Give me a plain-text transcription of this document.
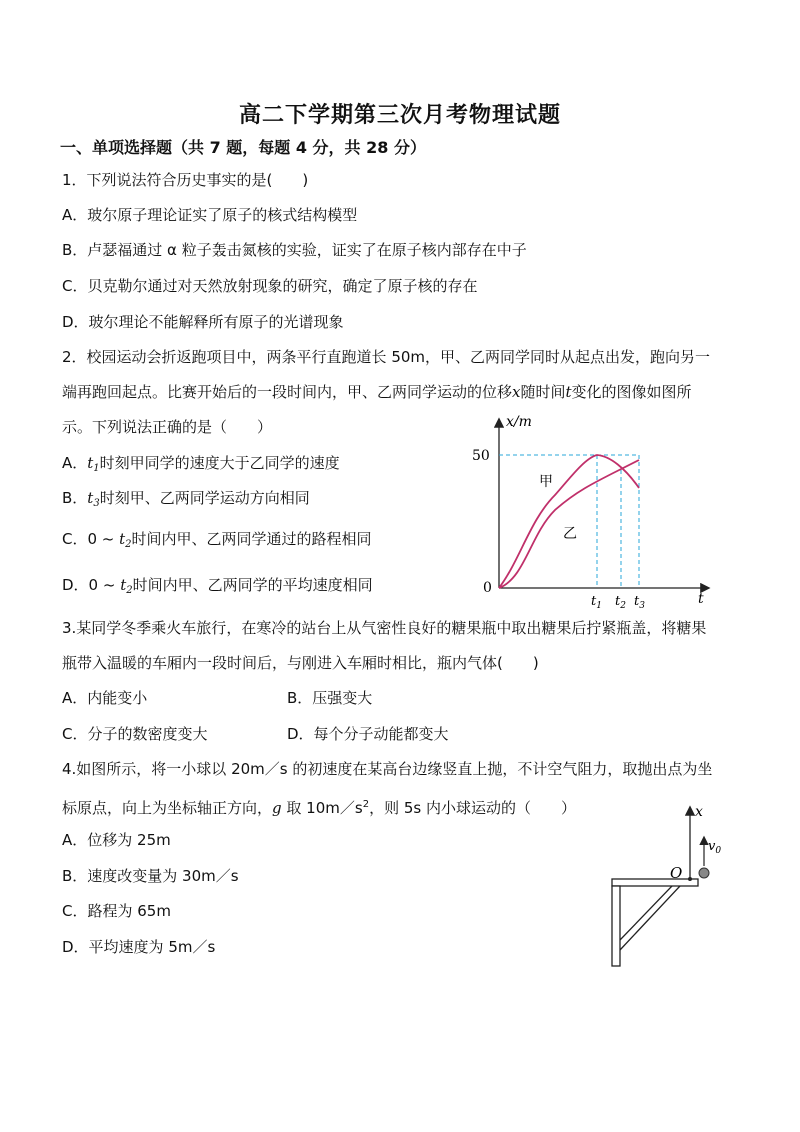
高二下学期第三次月考物理试题
一、单项选择题（共 7 题，每题 4 分，共 28 分）
1．下列说法符合历史事实的是(　　)
A．玻尔原子理论证实了原子的核式结构模型
B．卢瑟福通过 α 粒子轰击氮核的实验，证实了在原子核内部存在中子
C．贝克勒尔通过对天然放射现象的研究，确定了原子核的存在
D．玻尔理论不能解释所有原子的光谱现象
2．校园运动会折返跑项目中，两条平行直跑道长 50m，甲、乙两同学同时从起点出发，跑向另一
端再跑回起点。比赛开始后的一段时间内，甲、乙两同学运动的位移x随时间t变化的图像如图所
示。下列说法正确的是（　　）
A．$t_1$时刻甲同学的速度大于乙同学的速度
B．$t_3$时刻甲、乙两同学运动方向相同
C．0 ~ $t_2$时间内甲、乙两同学通过的路程相同
D．0 ~ $t_2$时间内甲、乙两同学的平均速度相同
x/m
50
0
t
$t_1$ $t_2$ $t_3$
甲
乙
3.某同学冬季乘火车旅行，在寒冷的站台上从气密性良好的糖果瓶中取出糖果后拧紧瓶盖，将糖果
瓶带入温暖的车厢内一段时间后，与刚进入车厢时相比，瓶内气体(　　)
A．内能变小	B．压强变大
C．分子的数密度变大	D．每个分子动能都变大
4.如图所示，将一小球以 20m／s 的初速度在某高台边缘竖直上抛，不计空气阻力，取抛出点为坐
标原点，向上为坐标轴正方向，g 取 $10m/s^2$，则 5s 内小球运动的（　　）
A．位移为 25m
B．速度改变量为 30m／s
C．路程为 65m
D．平均速度为 5m／s
x
$v_0$
O
